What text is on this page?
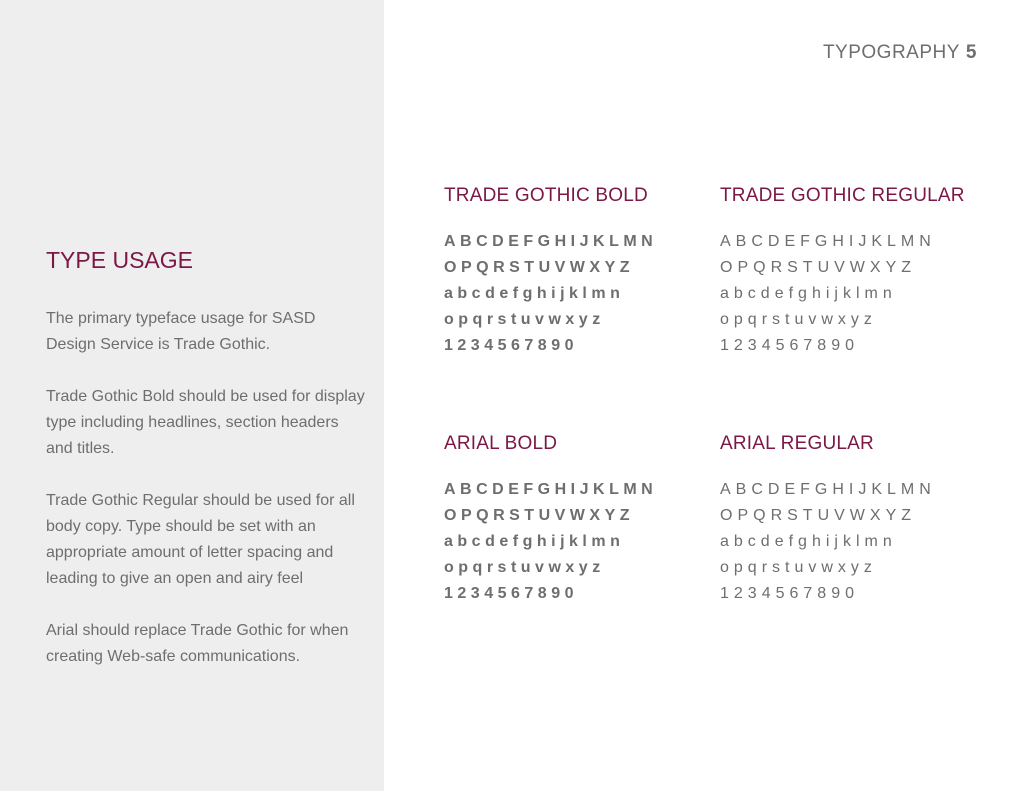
TYPOGRAPHY 5
TYPE USAGE

The primary typeface usage for SASD Design Service is Trade Gothic.

Trade Gothic Bold should be used for display type including headlines, section headers and titles.

Trade Gothic Regular should be used for all body copy. Type should be set with an appropriate amount of letter spacing and leading to give an open and airy feel

Arial should replace Trade Gothic for when creating Web-safe communications.

TRADE GOTHIC BOLD
ABCDEFGHIJKLMN
OPQRSTUVWXYZ
abcdefghijklmn
opqrstuvwxyz
1234567890
TRADE GOTHIC REGULAR
ABCDEFGHIJKLMN
OPQRSTUVWXYZ
abcdefghijklmn
opqrstuvwxyz
1234567890
ARIAL BOLD
ABCDEFGHIJKLMN
OPQRSTUVWXYZ
abcdefghijklmn
opqrstuvwxyz
1234567890
ARIAL REGULAR
ABCDEFGHIJKLMN
OPQRSTUVWXYZ
abcdefghijklmn
opqrstuvwxyz
1234567890
